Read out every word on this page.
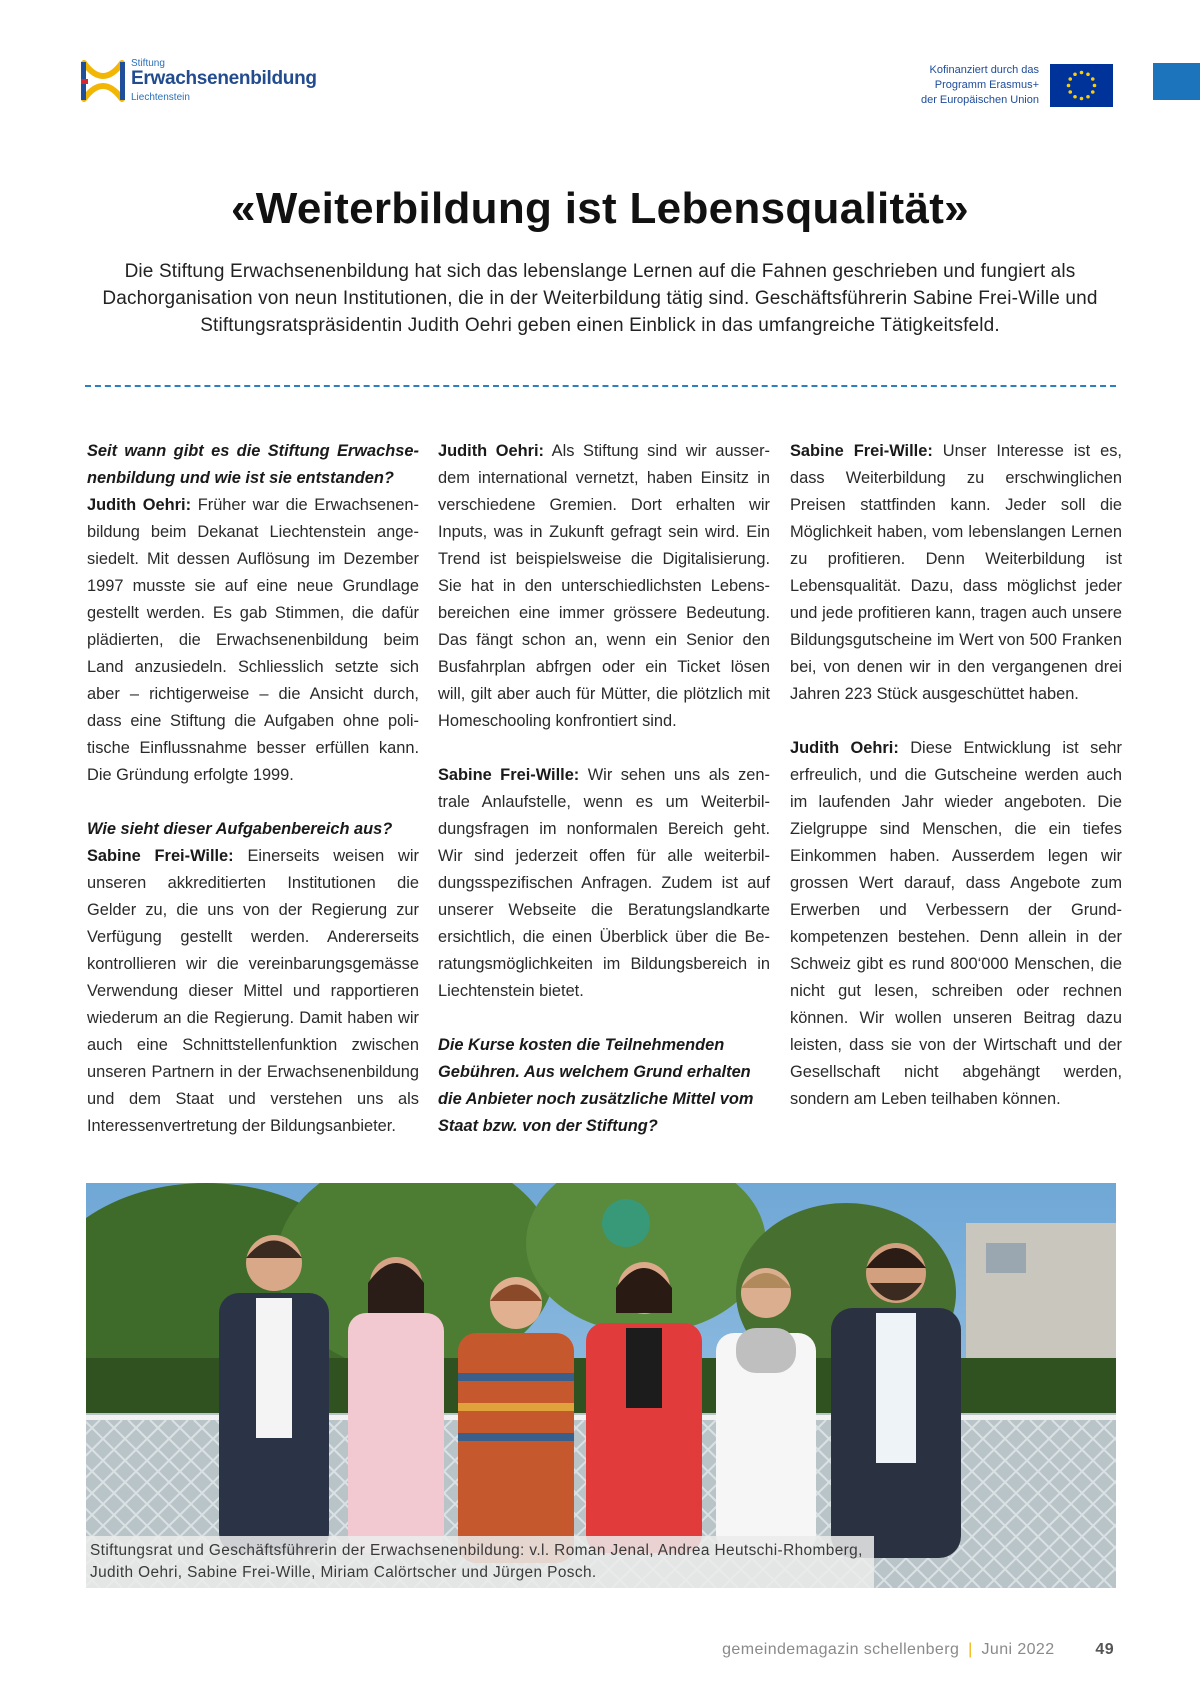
Stiftung
Erwachsenenbildung
Liechtenstein
Kofinanziert durch das
Programm Erasmus+
der Europäischen Union
«Weiterbildung ist Lebensqualität»

Die Stiftung Erwachsenenbildung hat sich das lebenslange Lernen auf die Fahnen geschrieben und fungiert als Dachorganisation von neun Institutionen, die in der Weiterbildung tätig sind. Geschäftsführerin Sabine Frei-Wille und Stiftungsratspräsidentin Judith Oehri geben einen Einblick in das umfangreiche Tätigkeitsfeld.

Seit wann gibt es die Stiftung Erwachsenenbildung und wie ist sie entstanden?
Judith Oehri: Früher war die Erwachsenenbildung beim Dekanat Liechtenstein angesiedelt. Mit dessen Auflösung im Dezember 1997 musste sie auf eine neue Grundlage gestellt werden. Es gab Stimmen, die dafür plädierten, die Erwachsenenbildung beim Land anzusiedeln. Schliesslich setzte sich aber – richtigerweise – die Ansicht durch, dass eine Stiftung die Aufgaben ohne politische Einflussnahme besser erfüllen kann. Die Gründung erfolgte 1999.

Wie sieht dieser Aufgabenbereich aus?
Sabine Frei-Wille: Einerseits weisen wir unseren akkreditierten Institutionen die Gelder zu, die uns von der Regierung zur Verfügung gestellt werden. Andererseits kontrollieren wir die vereinbarungsgemässe Verwendung dieser Mittel und rapportieren wiederum an die Regierung. Damit haben wir auch eine Schnittstellenfunktion zwischen unseren Partnern in der Erwachsenenbildung und dem Staat und verstehen uns als Interessenvertretung der Bildungsanbieter.

Judith Oehri: Als Stiftung sind wir ausserdem international vernetzt, haben Einsitz in verschiedene Gremien. Dort erhalten wir Inputs, was in Zukunft gefragt sein wird. Ein Trend ist beispielsweise die Digitalisierung. Sie hat in den unterschiedlichsten Lebensbereichen eine immer grössere Bedeutung. Das fängt schon an, wenn ein Senior den Busfahrplan abfrgen oder ein Ticket lösen will, gilt aber auch für Mütter, die plötzlich mit Homeschooling konfrontiert sind.

Sabine Frei-Wille: Wir sehen uns als zentrale Anlaufstelle, wenn es um Weiterbildungsfragen im nonformalen Bereich geht. Wir sind jederzeit offen für alle weiterbildungsspezifischen Anfragen. Zudem ist auf unserer Webseite die Beratungslandkarte ersichtlich, die einen Überblick über die Beratungsmöglichkeiten im Bildungsbereich in Liechtenstein bietet.

Die Kurse kosten die Teilnehmenden Gebühren. Aus welchem Grund erhalten die Anbieter noch zusätzliche Mittel vom Staat bzw. von der Stiftung?

Sabine Frei-Wille: Unser Interesse ist es, dass Weiterbildung zu erschwinglichen Preisen stattfinden kann. Jeder soll die Möglichkeit haben, vom lebenslangen Lernen zu profitieren. Denn Weiterbildung ist Lebensqualität. Dazu, dass möglichst jeder und jede profitieren kann, tragen auch unsere Bildungsgutscheine im Wert von 500 Franken bei, von denen wir in den vergangenen drei Jahren 223 Stück ausgeschüttet haben.

Judith Oehri: Diese Entwicklung ist sehr erfreulich, und die Gutscheine werden auch im laufenden Jahr wieder angeboten. Die Zielgruppe sind Menschen, die ein tiefes Einkommen haben. Ausserdem legen wir grossen Wert darauf, dass Angebote zum Erwerben und Verbessern der Grundkompetenzen bestehen. Denn allein in der Schweiz gibt es rund 800‘000 Menschen, die nicht gut lesen, schreiben oder rechnen können. Wir wollen unseren Beitrag dazu leisten, dass sie von der Wirtschaft und der Gesellschaft nicht abgehängt werden, sondern am Leben teilhaben können.

Stiftungsrat und Geschäftsführerin der Erwachsenenbildung: v.l. Roman Jenal, Andrea Heutschi-Rhomberg, Judith Oehri, Sabine Frei-Wille, Miriam Calörtscher und Jürgen Posch.
gemeindemagazin schellenberg | Juni 2022	49
